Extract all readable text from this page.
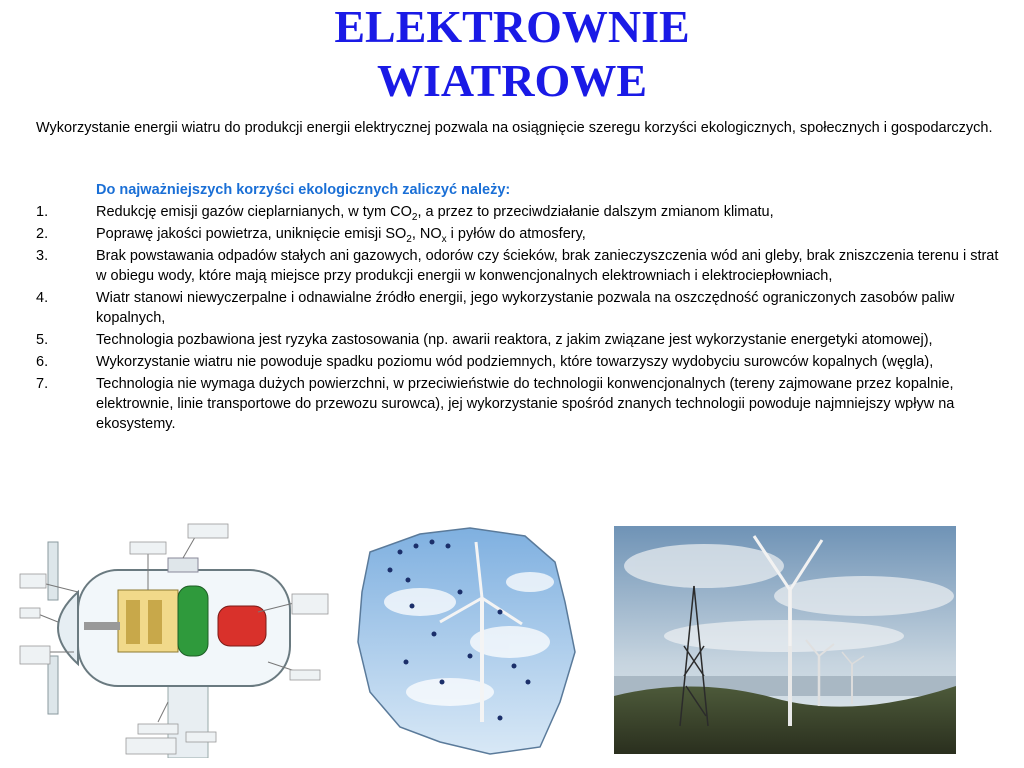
ELEKTROWNIE
WIATROWE
Wykorzystanie energii wiatru do produkcji energii elektrycznej pozwala na osiągnięcie szeregu korzyści ekologicznych, społecznych i gospodarczych.
Do najważniejszych korzyści ekologicznych zaliczyć należy:
1.	Redukcję emisji gazów cieplarnianych, w tym $CO_2$, a przez to przeciwdziałanie dalszym zmianom klimatu,
2.	Poprawę jakości powietrza, uniknięcie emisji $SO_2$, $NO_x$ i pyłów do atmosfery,
3.	Brak powstawania odpadów stałych ani gazowych, odorów czy ścieków, brak zanieczyszczenia wód ani gleby, brak zniszczenia terenu i strat w obiegu wody, które mają miejsce przy produkcji energii w konwencjonalnych elektrowniach i elektrociepłowniach,
4.	Wiatr stanowi niewyczerpalne i odnawialne źródło energii, jego wykorzystanie pozwala na oszczędność ograniczonych zasobów paliw kopalnych,
5.	Technologia pozbawiona jest ryzyka zastosowania (np. awarii reaktora, z jakim związane jest wykorzystanie energetyki atomowej),
6.	Wykorzystanie wiatru nie powoduje spadku poziomu wód podziemnych, które towarzyszy wydobyciu surowców kopalnych (węgla),
7.	Technologia nie wymaga dużych powierzchni, w przeciwieństwie do technologii konwencjonalnych (tereny zajmowane przez kopalnie, elektrownie, linie transportowe do przewozu surowca), jej wykorzystanie spośród znanych technologii powoduje najmniejszy wpływ na ekosystemy.
